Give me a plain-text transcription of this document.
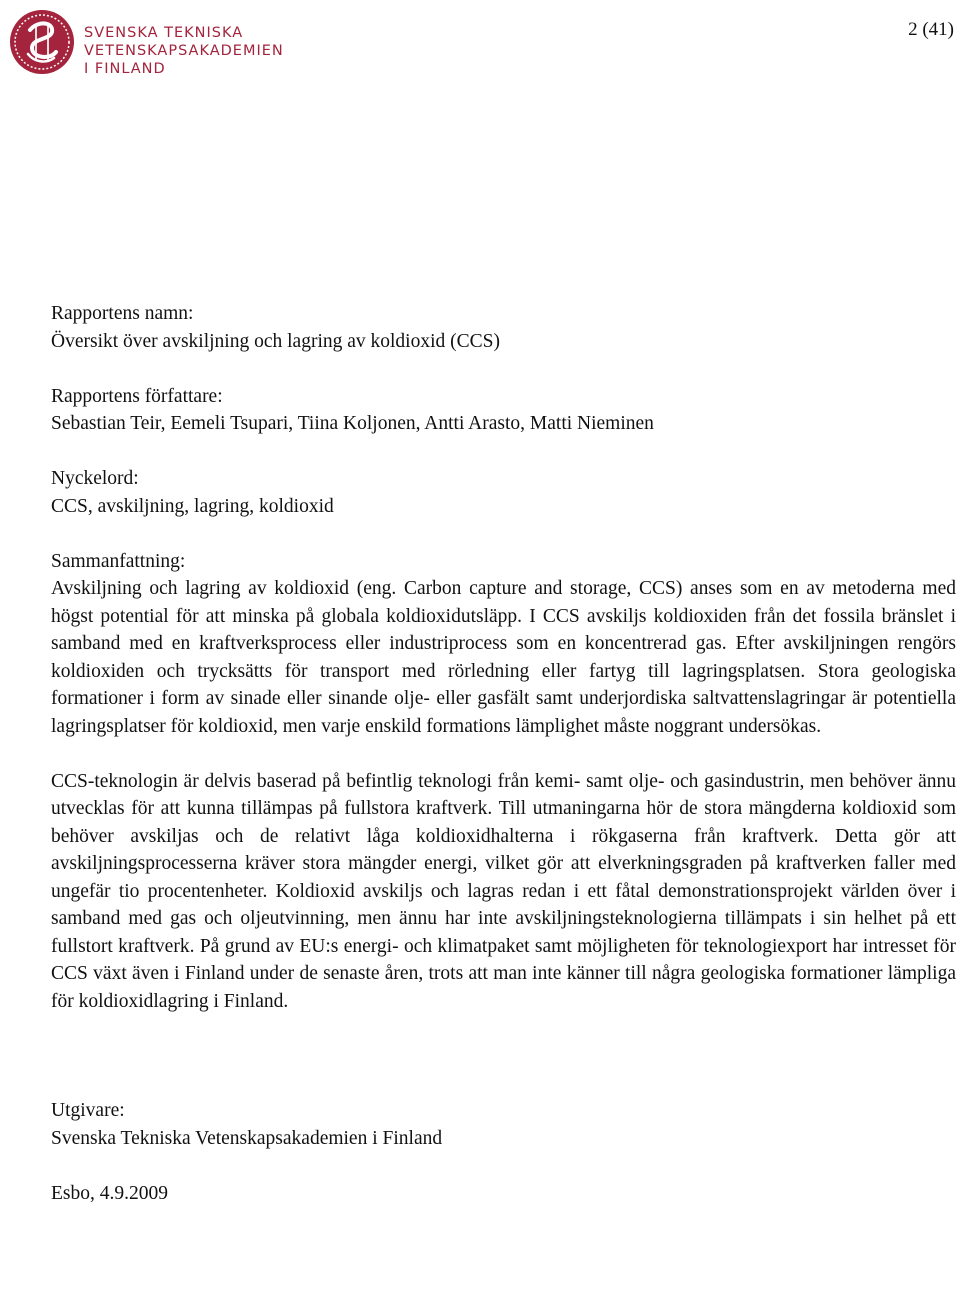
SVENSKA TEKNISKA
VETENSKAPSAKADEMIEN
I FINLAND
2 (41)

Rapportens namn:
Översikt över avskiljning och lagring av koldioxid (CCS)

Rapportens författare:
Sebastian Teir, Eemeli Tsupari, Tiina Koljonen, Antti Arasto, Matti Nieminen

Nyckelord:
CCS, avskiljning, lagring, koldioxid

Sammanfattning:
Avskiljning och lagring av koldioxid (eng. Carbon capture and storage, CCS) anses som en av metoderna med högst potential för att minska på globala koldioxidutsläpp. I CCS avskiljs koldioxiden från det fossila bränslet i samband med en kraftverksprocess eller industriprocess som en koncentrerad gas. Efter avskiljningen rengörs koldioxiden och trycksätts för transport med rörledning eller fartyg till lagringsplatsen. Stora geologiska formationer i form av sinade eller sinande olje- eller gasfält samt underjordiska saltvattenslagringar är potentiella lagringsplatser för koldioxid, men varje enskild formations lämplighet måste noggrant undersökas.

CCS-teknologin är delvis baserad på befintlig teknologi från kemi- samt olje- och gasindustrin, men behöver ännu utvecklas för att kunna tillämpas på fullstora kraftverk. Till utmaningarna hör de stora mängderna koldioxid som behöver avskiljas och de relativt låga koldioxidhalterna i rökgaserna från kraftverk. Detta gör att avskiljningsprocesserna kräver stora mängder energi, vilket gör att elverkningsgraden på kraftverken faller med ungefär tio procentenheter. Koldioxid avskiljs och lagras redan i ett fåtal demonstrationsprojekt världen över i samband med gas och oljeutvinning, men ännu har inte avskiljningsteknologierna tillämpats i sin helhet på ett fullstort kraftverk. På grund av EU:s energi- och klimatpaket samt möjligheten för teknologiexport har intresset för CCS växt även i Finland under de senaste åren, trots att man inte känner till några geologiska formationer lämpliga för koldioxidlagring i Finland.

Utgivare:
Svenska Tekniska Vetenskapsakademien i Finland

Esbo, 4.9.2009
